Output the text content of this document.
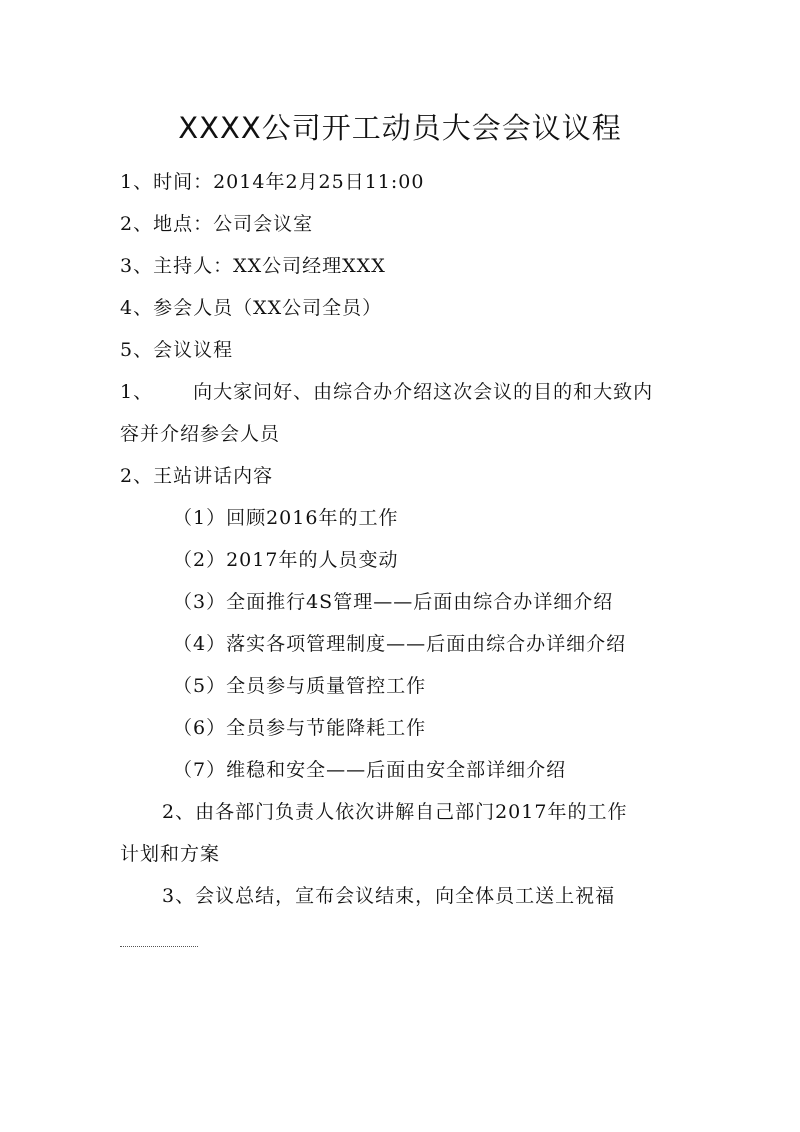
XXXX公司开工动员大会会议议程
1、时间：2014年2月25日11:00
2、地点：公司会议室
3、主持人：XX公司经理XXX
4、参会人员（XX公司全员）
5、会议议程
1、 向大家问好、由综合办介绍这次会议的目的和大致内
容并介绍参会人员
2、王站讲话内容
（1）回顾2016年的工作
（2）2017年的人员变动
（3）全面推行4S管理——后面由综合办详细介绍
（4）落实各项管理制度——后面由综合办详细介绍
（5）全员参与质量管控工作
（6）全员参与节能降耗工作
（7）维稳和安全——后面由安全部详细介绍
2、由各部门负责人依次讲解自己部门2017年的工作
计划和方案
3、会议总结，宣布会议结束，向全体员工送上祝福
